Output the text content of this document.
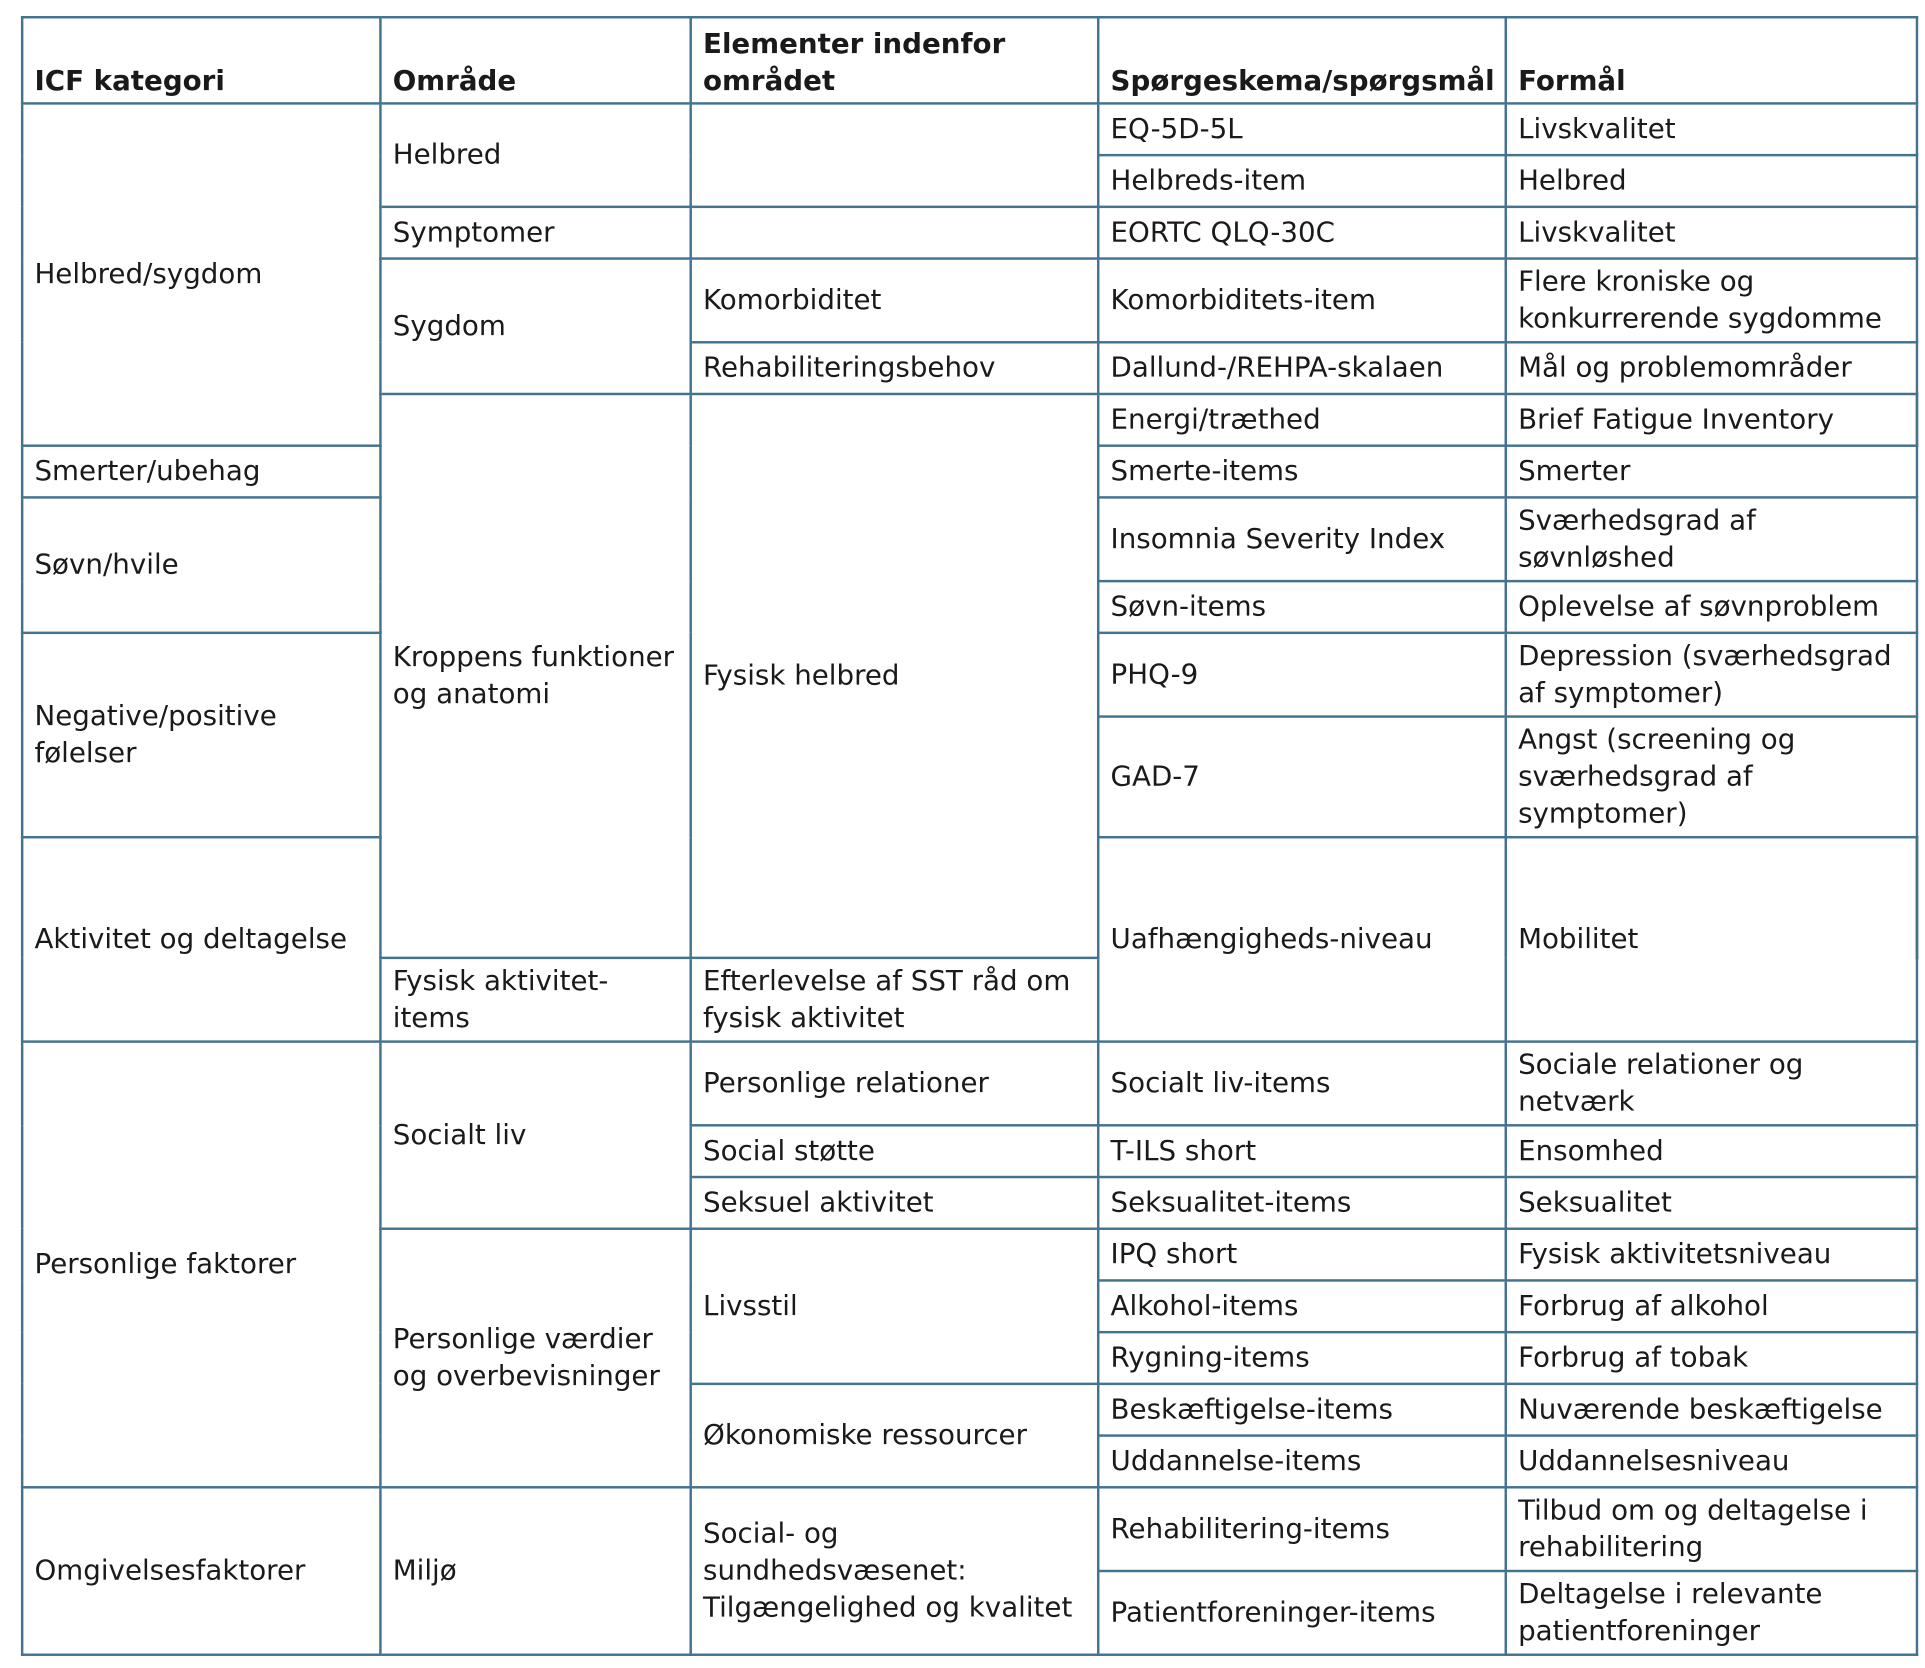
ICF kategori	Område	Elementer indenfor området	Spørgeskema/spørgsmål	Formål	
Helbred/sygdom	Helbred		EQ-5D-5L	Livskvalitet	
			Helbreds-item	Helbred	
	Symptomer		EORTC QLQ-30C	Livskvalitet	
	Sygdom	Komorbiditet	Komorbiditets-item	Flere kroniske og konkurrerende sygdomme	
		Rehabiliteringsbehov	Dallund-/REHPA-skalaen	Mål og problemområder	
	Kroppens funktioner og anatomi	Fysisk helbred	Energi/træthed	Brief Fatigue Inventory	
Smerter/ubehag			Smerte-items	Smerter	
Søvn/hvile			Insomnia Severity Index	Sværhedsgrad af søvnløshed	
			Søvn-items	Oplevelse af søvnproblem	
Negative/positive følelser			PHQ-9	Depression (sværhedsgrad af symptomer)	
			GAD-7	Angst (screening og sværhedsgrad af symptomer)	
Aktivitet og deltagelse			Uafhængigheds-niveau	Mobilitet		
	Fysisk aktivitet-items	Efterlevelse af SST råd om fysisk aktivitet			
Personlige faktorer	Socialt liv	Personlige relationer	Socialt liv-items	Sociale relationer og netværk	
		Social støtte	T-ILS short	Ensomhed	
		Seksuel aktivitet	Seksualitet-items	Seksualitet	
	Personlige værdier og overbevisninger	Livsstil	IPQ short	Fysisk aktivitetsniveau	
			Alkohol-items	Forbrug af alkohol	
			Rygning-items	Forbrug af tobak	
		Økonomiske ressourcer	Beskæftigelse-items	Nuværende beskæftigelse	
			Uddannelse-items	Uddannelsesniveau	
Omgivelsesfaktorer	Miljø	Social- og sundhedsvæsenet: Tilgængelighed og kvalitet	Rehabilitering-items	Tilbud om og deltagelse i rehabilitering	
			Patientforeninger-items	Deltagelse i relevante patientforeninger	
